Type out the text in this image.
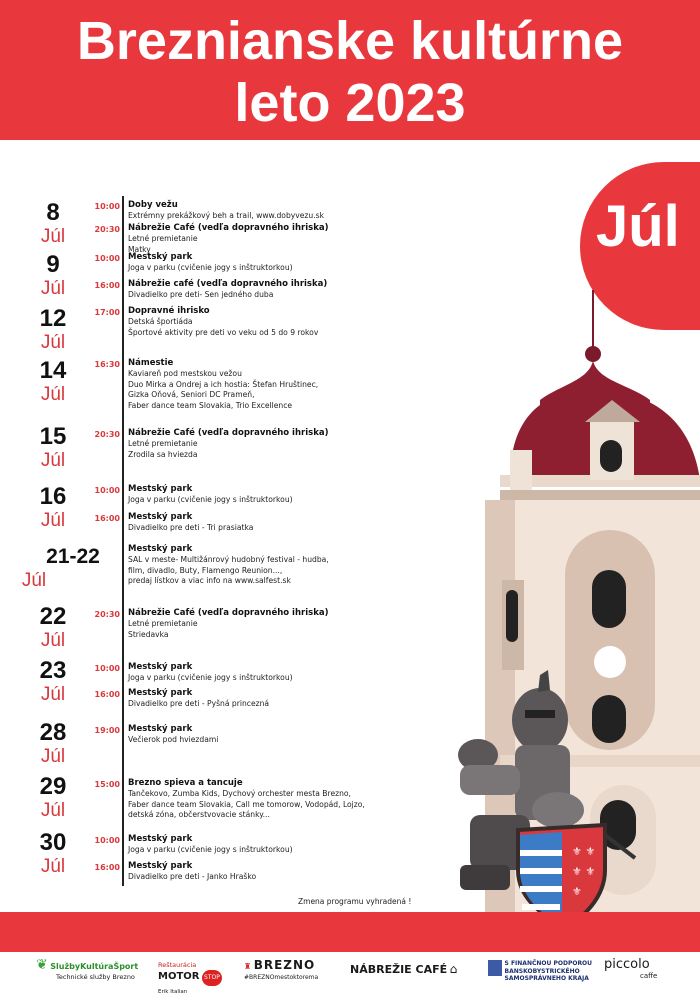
Breznianske kultúrne
leto 2023
Júl
⚜ ⚜
⚜ ⚜
⚜
8
Júl
10:00 Doby vežu
Extrémny prekážkový beh a trail, www.dobyvezu.sk
20:30 Nábrežie Café (vedľa dopravného ihriska)
Letné premietanie
Matky
9
Júl
10:00 Mestský park
Joga v parku (cvičenie jogy s inštruktorkou)
16:00 Nábrežie café (vedľa dopravného ihriska)
Divadielko pre deti- Sen jedného duba
12
Júl
17:00 Dopravné ihrisko
Detská športiáda
Športové aktivity pre deti vo veku od 5 do 9 rokov
14
Júl
16:30 Námestie
Kaviareň pod mestskou vežou
Duo Mirka a Ondrej a ich hostia: Štefan Hruštinec,
Gizka Oňová, Seniori DC Prameň,
Faber dance team Slovakia, Trio Excellence
15
Júl
20:30 Nábrežie Café (vedľa dopravného ihriska)
Letné premietanie
Zrodila sa hviezda
16
Júl
10:00 Mestský park
Joga v parku (cvičenie jogy s inštruktorkou)
16:00 Mestský park
Divadielko pre deti - Tri prasiatka
21-22
Júl
Mestský park
SAL v meste- Multižánrový hudobný festival - hudba,
film, divadlo, Buty, Flamengo Reunion...,
predaj lístkov a viac info na www.salfest.sk
22
Júl
20:30 Nábrežie Café (vedľa dopravného ihriska)
Letné premietanie
Striedavka
23
Júl
10:00 Mestský park
Joga v parku (cvičenie jogy s inštruktorkou)
16:00 Mestský park
Divadielko pre deti - Pyšná princezná
28
Júl
19:00 Mestský park
Večierok pod hviezdami
29
Júl
15:00 Brezno spieva a tancuje
Tančekovo, Zumba Kids, Dychový orchester mesta Brezno,
Faber dance team Slovakia, Call me tomorow, Vodopád, Lojzo,
detská zóna, občerstvovacie stánky...
30
Júl
10:00 Mestský park
Joga v parku (cvičenie jogy s inštruktorkou)
16:00 Mestský park
Divadielko pre deti - Janko Hraško
Zmena programu vyhradená !
❦ SlužbyKultúraŠport
Technické služby Brezno
Reštaurácia
MOTOR STOP
Erik Italian
♜ BREZNO
#BREZNOmestoktorema
NÁBREŽIE CAFÉ ⌂	S FINANČNOU PODPOROU
BANSKOBYSTRICKÉHO
SAMOSPRÁVNEHO KRAJA
piccolo
caffe
